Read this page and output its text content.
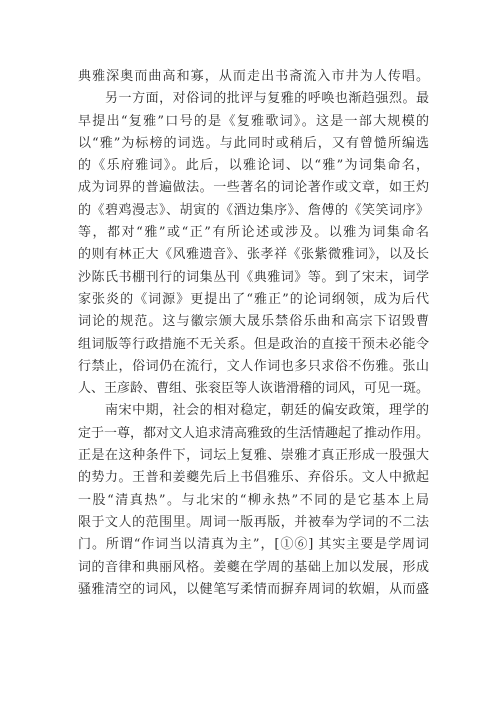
典雅深奥而曲高和寡，从而走出书斋流入市井为人传唱。
　　另一方面，对俗词的批评与复雅的呼唤也渐趋强烈。最
早提出“复雅”口号的是《复雅歌词》。这是一部大规模的
以“雅”为标榜的词选。与此同时或稍后，又有曾慥所编选
的《乐府雅词》。此后，以雅论词、以“雅”为词集命名，
成为词界的普遍做法。一些著名的词论著作或文章，如王灼
的《碧鸡漫志》、胡寅的《酒边集序》、詹傅的《笑笑词序》
等，都对“雅”或“正”有所论述或涉及。以雅为词集命名
的则有林正大《风雅遗音》、张孝祥《张紫微雅词》，以及长
沙陈氏书棚刊行的词集丛刊《典雅词》等。到了宋末，词学
家张炎的《词源》更提出了“雅正”的论词纲领，成为后代
词论的规范。这与徽宗颁大晟乐禁俗乐曲和高宗下诏毁曹
组词版等行政措施不无关系。但是政治的直接干预未必能令
行禁止，俗词仍在流行，文人作词也多只求俗不伤雅。张山
人、王彦龄、曹组、张衮臣等人诙谐滑稽的词风，可见一斑。
　　南宋中期，社会的相对稳定，朝廷的偏安政策，理学的
定于一尊，都对文人追求清高雅致的生活情趣起了推动作用。
正是在这种条件下，词坛上复雅、崇雅才真正形成一股强大
的势力。王普和姜夔先后上书倡雅乐、弃俗乐。文人中掀起
一股“清真热”。与北宋的“柳永热”不同的是它基本上局
限于文人的范围里。周词一版再版，并被奉为学词的不二法
门。所谓“作词当以清真为主”，[①⑥] 其实主要是学周词
词的音律和典丽风格。姜夔在学周的基础上加以发展，形成
骚雅清空的词风，以健笔写柔情而摒弃周词的软媚，从而盛
